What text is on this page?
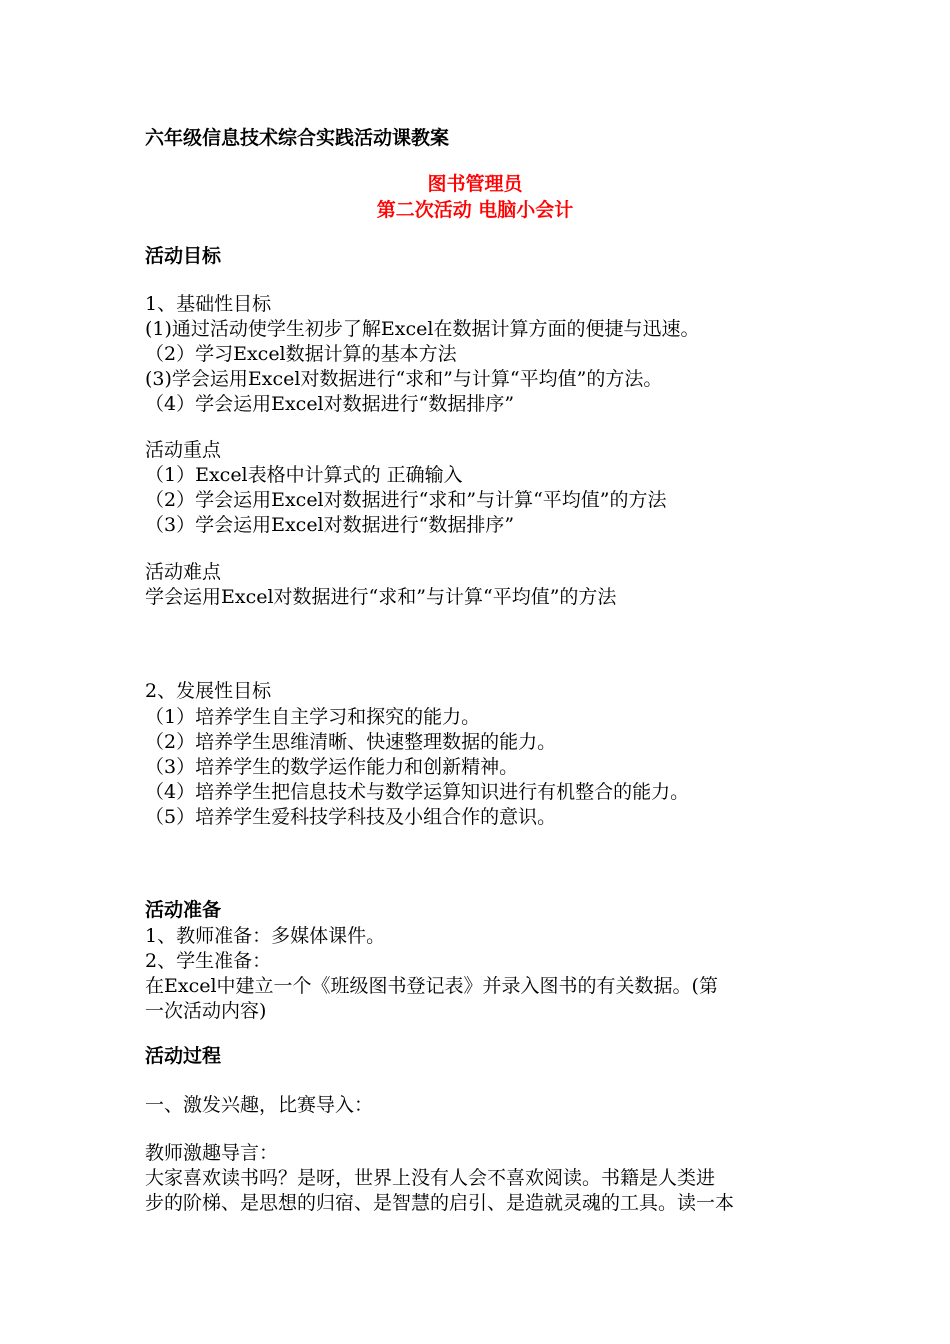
六年级信息技术综合实践活动课教案
图书管理员
第二次活动 电脑小会计
活动目标
1、基础性目标
(1)通过活动使学生初步了解Excel在数据计算方面的便捷与迅速。
（2）学习Excel数据计算的基本方法
(3)学会运用Excel对数据进行“求和”与计算“平均值”的方法。
（4）学会运用Excel对数据进行“数据排序”
活动重点
（1）Excel表格中计算式的 正确输入
（2）学会运用Excel对数据进行“求和”与计算“平均值”的方法
（3）学会运用Excel对数据进行“数据排序”
活动难点
学会运用Excel对数据进行“求和”与计算“平均值”的方法
2、发展性目标
（1）培养学生自主学习和探究的能力。
（2）培养学生思维清晰、快速整理数据的能力。
（3）培养学生的数学运作能力和创新精神。
（4）培养学生把信息技术与数学运算知识进行有机整合的能力。
（5）培养学生爱科技学科技及小组合作的意识。
活动准备
1、教师准备：多媒体课件。
2、学生准备：
在Excel中建立一个《班级图书登记表》并录入图书的有关数据。(第
一次活动内容)
活动过程
一、激发兴趣，比赛导入：
教师激趣导言：
大家喜欢读书吗？是呀，世界上没有人会不喜欢阅读。书籍是人类进
步的阶梯、是思想的归宿、是智慧的启引、是造就灵魂的工具。读一本
